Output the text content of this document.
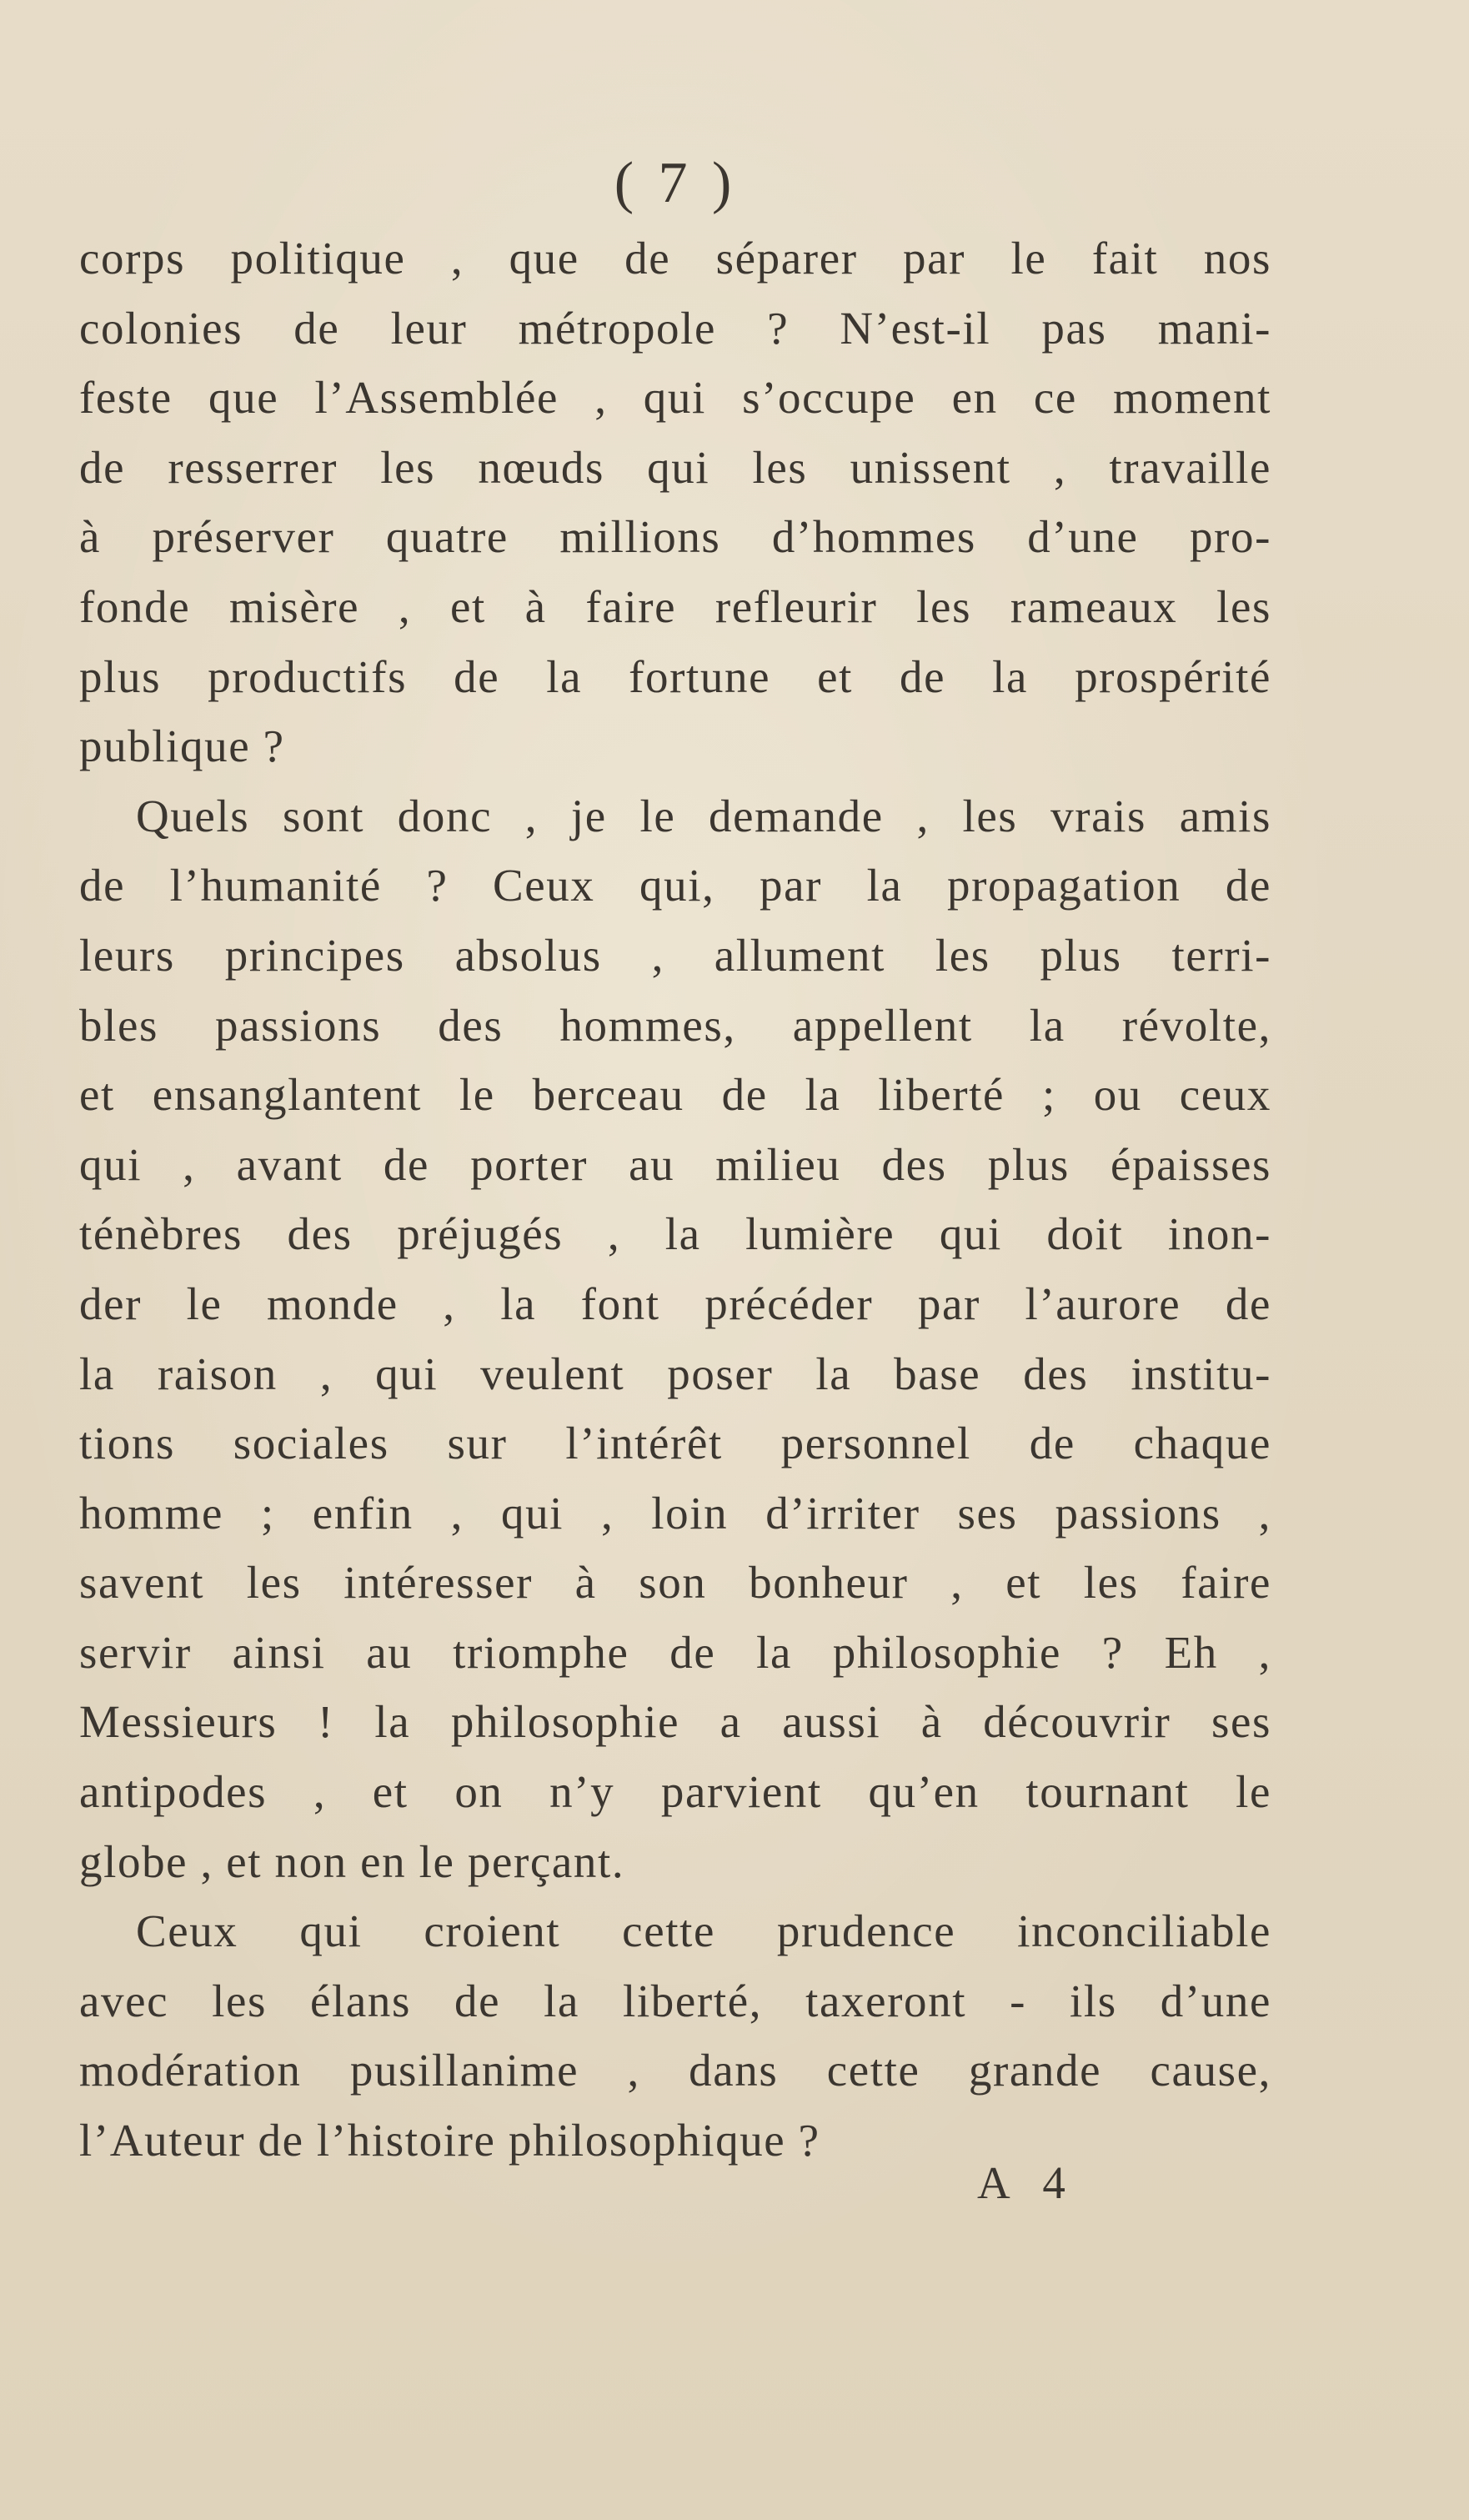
( 7 )
corps politique , que de séparer par le fait nos
colonies de leur métropole ? N’est-il pas mani-
feste que l’Assemblée , qui s’occupe en ce moment
de resserrer les nœuds qui les unissent , travaille
à préserver quatre millions d’hommes d’une pro-
fonde misère , et à faire refleurir les rameaux les
plus productifs de la fortune et de la prospérité
publique ?
Quels sont donc , je le demande , les vrais amis
de l’humanité ? Ceux qui, par la propagation de
leurs principes absolus , allument les plus terri-
bles passions des hommes, appellent la révolte,
et ensanglantent le berceau de la liberté ; ou ceux
qui , avant de porter au milieu des plus épaisses
ténèbres des préjugés , la lumière qui doit inon-
der le monde , la font précéder par l’aurore de
la raison , qui veulent poser la base des institu-
tions sociales sur l’intérêt personnel de chaque
homme ; enfin , qui , loin d’irriter ses passions ,
savent les intéresser à son bonheur , et les faire
servir ainsi au triomphe de la philosophie ? Eh ,
Messieurs ! la philosophie a aussi à découvrir ses
antipodes , et on n’y parvient qu’en tournant le
globe , et non en le perçant.
Ceux qui croient cette prudence inconciliable
avec les élans de la liberté, taxeront - ils d’une
modération pusillanime , dans cette grande cause,
l’Auteur de l’histoire philosophique ?
A 4
